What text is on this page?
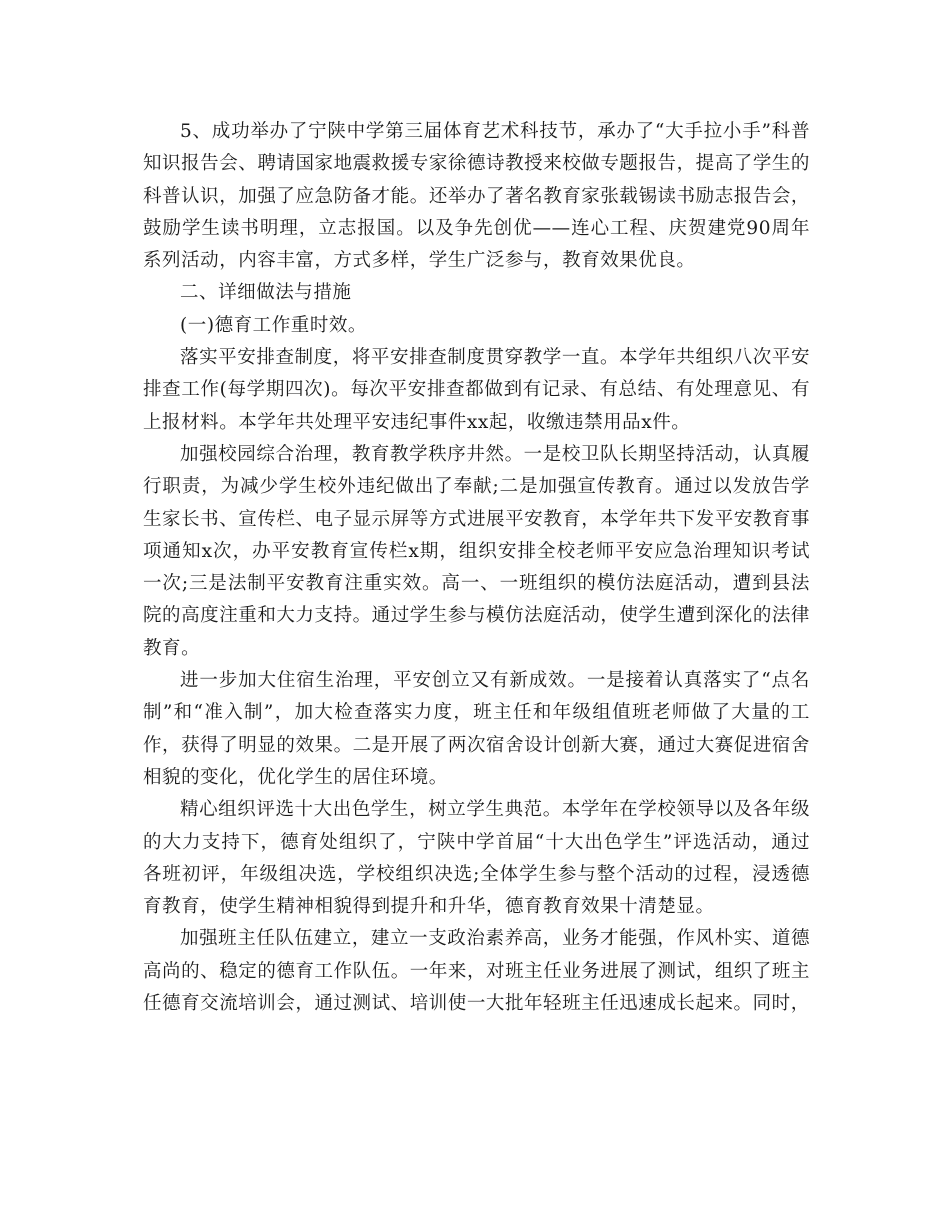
5、成功举办了宁陕中学第三届体育艺术科技节，承办了“大手拉小手”科普知识报告会、聘请国家地震救援专家徐德诗教授来校做专题报告，提高了学生的科普认识，加强了应急防备才能。还举办了著名教育家张载锡读书励志报告会，鼓励学生读书明理，立志报国。以及争先创优——连心工程、庆贺建党90周年系列活动，内容丰富，方式多样，学生广泛参与，教育效果优良。

二、详细做法与措施

(一)德育工作重时效。

落实平安排查制度，将平安排查制度贯穿教学一直。本学年共组织八次平安排查工作(每学期四次)。每次平安排查都做到有记录、有总结、有处理意见、有上报材料。本学年共处理平安违纪事件xx起，收缴违禁用品x件。

加强校园综合治理，教育教学秩序井然。一是校卫队长期坚持活动，认真履行职责，为减少学生校外违纪做出了奉献;二是加强宣传教育。通过以发放告学生家长书、宣传栏、电子显示屏等方式进展平安教育，本学年共下发平安教育事项通知x次，办平安教育宣传栏x期，组织安排全校老师平安应急治理知识考试一次;三是法制平安教育注重实效。高一、一班组织的模仿法庭活动，遭到县法院的高度注重和大力支持。通过学生参与模仿法庭活动，使学生遭到深化的法律教育。

进一步加大住宿生治理，平安创立又有新成效。一是接着认真落实了“点名制”和“准入制”，加大检查落实力度，班主任和年级组值班老师做了大量的工作，获得了明显的效果。二是开展了两次宿舍设计创新大赛，通过大赛促进宿舍相貌的变化，优化学生的居住环境。

精心组织评选十大出色学生，树立学生典范。本学年在学校领导以及各年级的大力支持下，德育处组织了，宁陕中学首届“十大出色学生”评选活动，通过各班初评，年级组决选，学校组织决选;全体学生参与整个活动的过程，浸透德育教育，使学生精神相貌得到提升和升华，德育教育效果十清楚显。

加强班主任队伍建立，建立一支政治素养高，业务才能强，作风朴实、道德高尚的、稳定的德育工作队伍。一年来，对班主任业务进展了测试，组织了班主任德育交流培训会，通过测试、培训使一大批年轻班主任迅速成长起来。同时，
